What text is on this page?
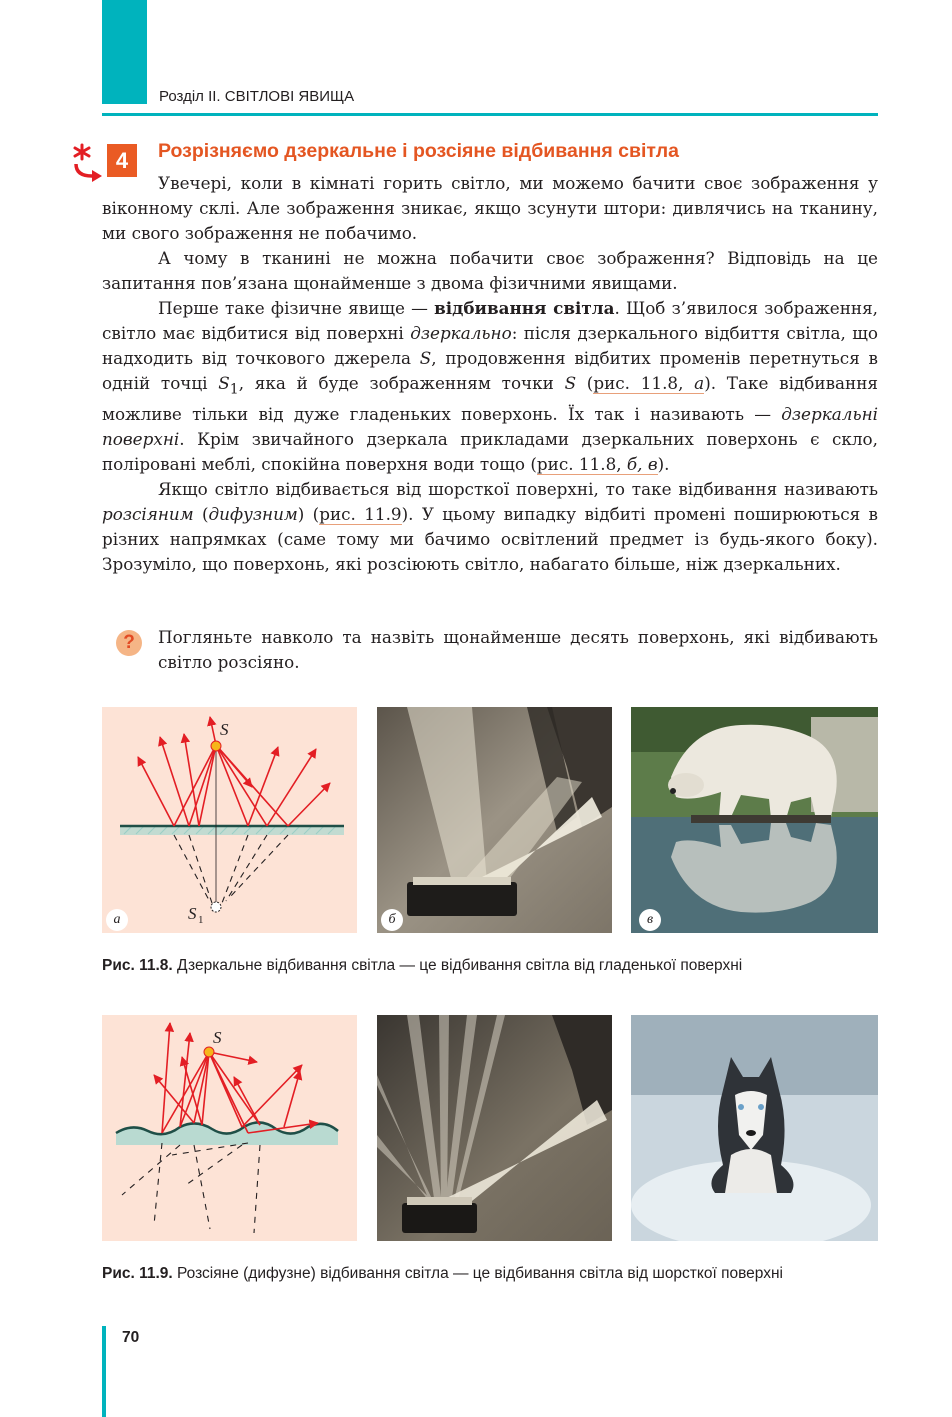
Розділ II. СВІТЛОВІ ЯВИЩА
4	Розрізняємо дзеркальне і розсіяне відбивання світла

Увечері, коли в кімнаті горить світло, ми можемо бачити своє зображення у віконному склі. Але зображення зникає, якщо зсунути штори: дивлячись на тканину, ми свого зображення не побачимо.

А чому в тканині не можна побачити своє зображення? Відповідь на це запитання пов’язана щонайменше з двома фізичними явищами.

Перше таке фізичне явище — відбивання світла. Щоб з’явилося зображення, світло має відбитися від поверхні дзеркально: після дзеркального відбиття світла, що надходить від точкового джерела S, продовження відбитих променів перетнуться в одній точці $S_1$, яка й буде зображенням точки S (рис. 11.8, а). Таке відбивання можливе тільки від дуже гладеньких поверхонь. Їх так і називають — дзеркальні поверхні. Крім звичайного дзеркала прикладами дзеркальних поверхонь є скло, поліровані меблі, спокійна поверхня води тощо (рис. 11.8, б, в).

Якщо світло відбивається від шорсткої поверхні, то таке відбивання називають розсіяним (дифузним) (рис. 11.9). У цьому випадку відбиті промені поширюються в різних напрямках (саме тому ми бачимо освітлений предмет із будь-якого боку). Зрозуміло, що поверхонь, які розсіюють світло, набагато більше, ніж дзеркальних.

?	Погляньте навколо та назвіть щонайменше десять поверхонь, які відбивають світло розсіяно.
S
S 1
а	б	в
Рис. 11.8. Дзеркальне відбивання світла — це відбивання світла від гладенької поверхні
S
Рис. 11.9. Розсіяне (дифузне) відбивання світла — це відбивання світла від шорсткої поверхні
70
